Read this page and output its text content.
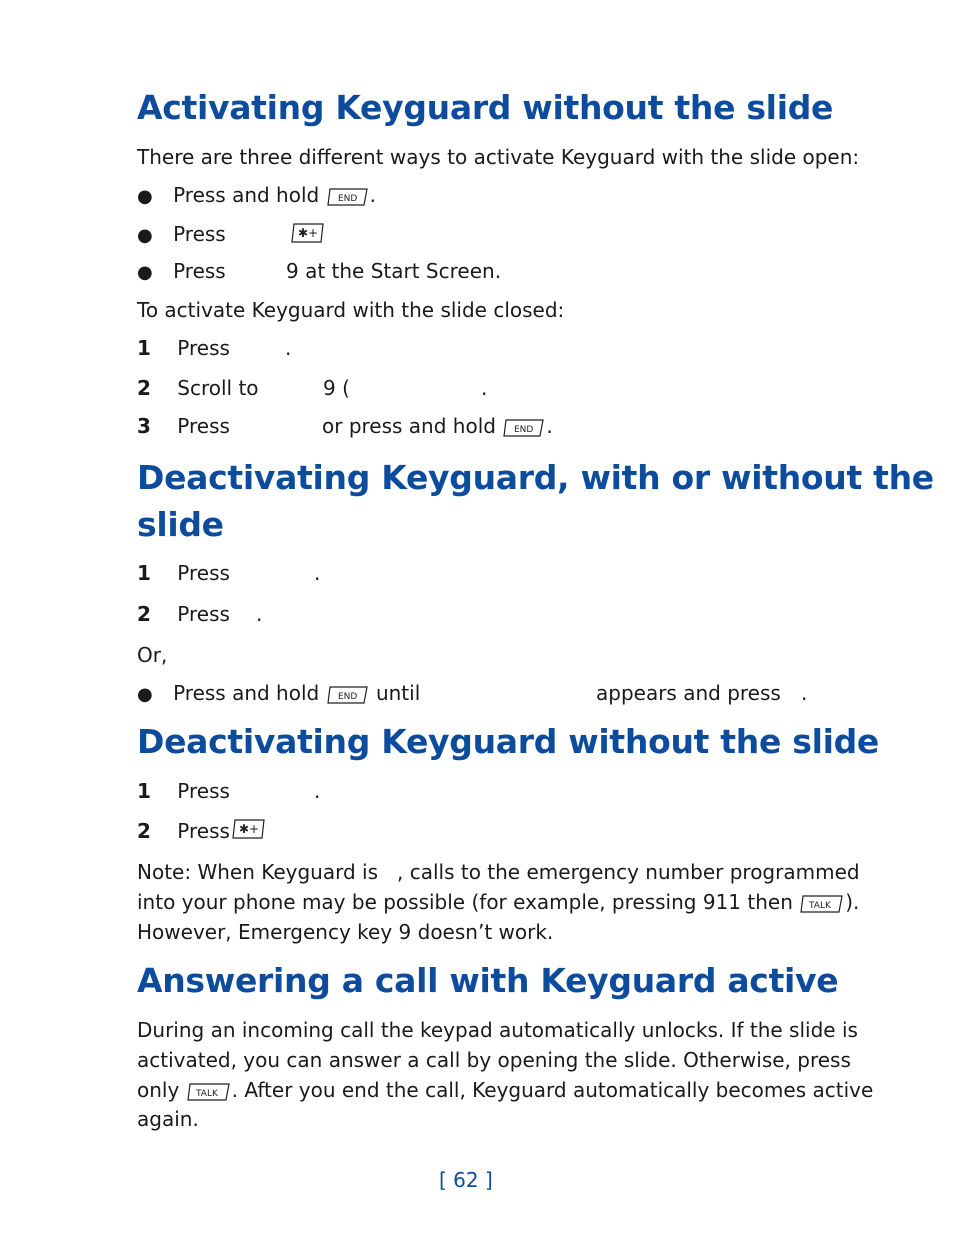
Activating Keyguard without the slide
There are three different ways to activate Keyguard with the slide open:
● Press and hold END .
● Press	✱+
● Press	9 at the Start Screen.
To activate Keyguard with the slide closed:
1 Press	.
2 Scroll to	9 (	.
3 Press	or press and hold END .
Deactivating Keyguard, with or without the
slide
1 Press	.
2 Press .
Or,
● Press and hold END until	appears and press .
Deactivating Keyguard without the slide
1 Press	.
2 Press ✱+
Note: When Keyguard is , calls to the emergency number programmed
into your phone may be possible (for example, pressing 911 then TALK ).
However, Emergency key 9 doesn’t work.
Answering a call with Keyguard active
During an incoming call the keypad automatically unlocks. If the slide is
activated, you can answer a call by opening the slide. Otherwise, press
only TALK . After you end the call, Keyguard automatically becomes active
again.
[ 62 ]
